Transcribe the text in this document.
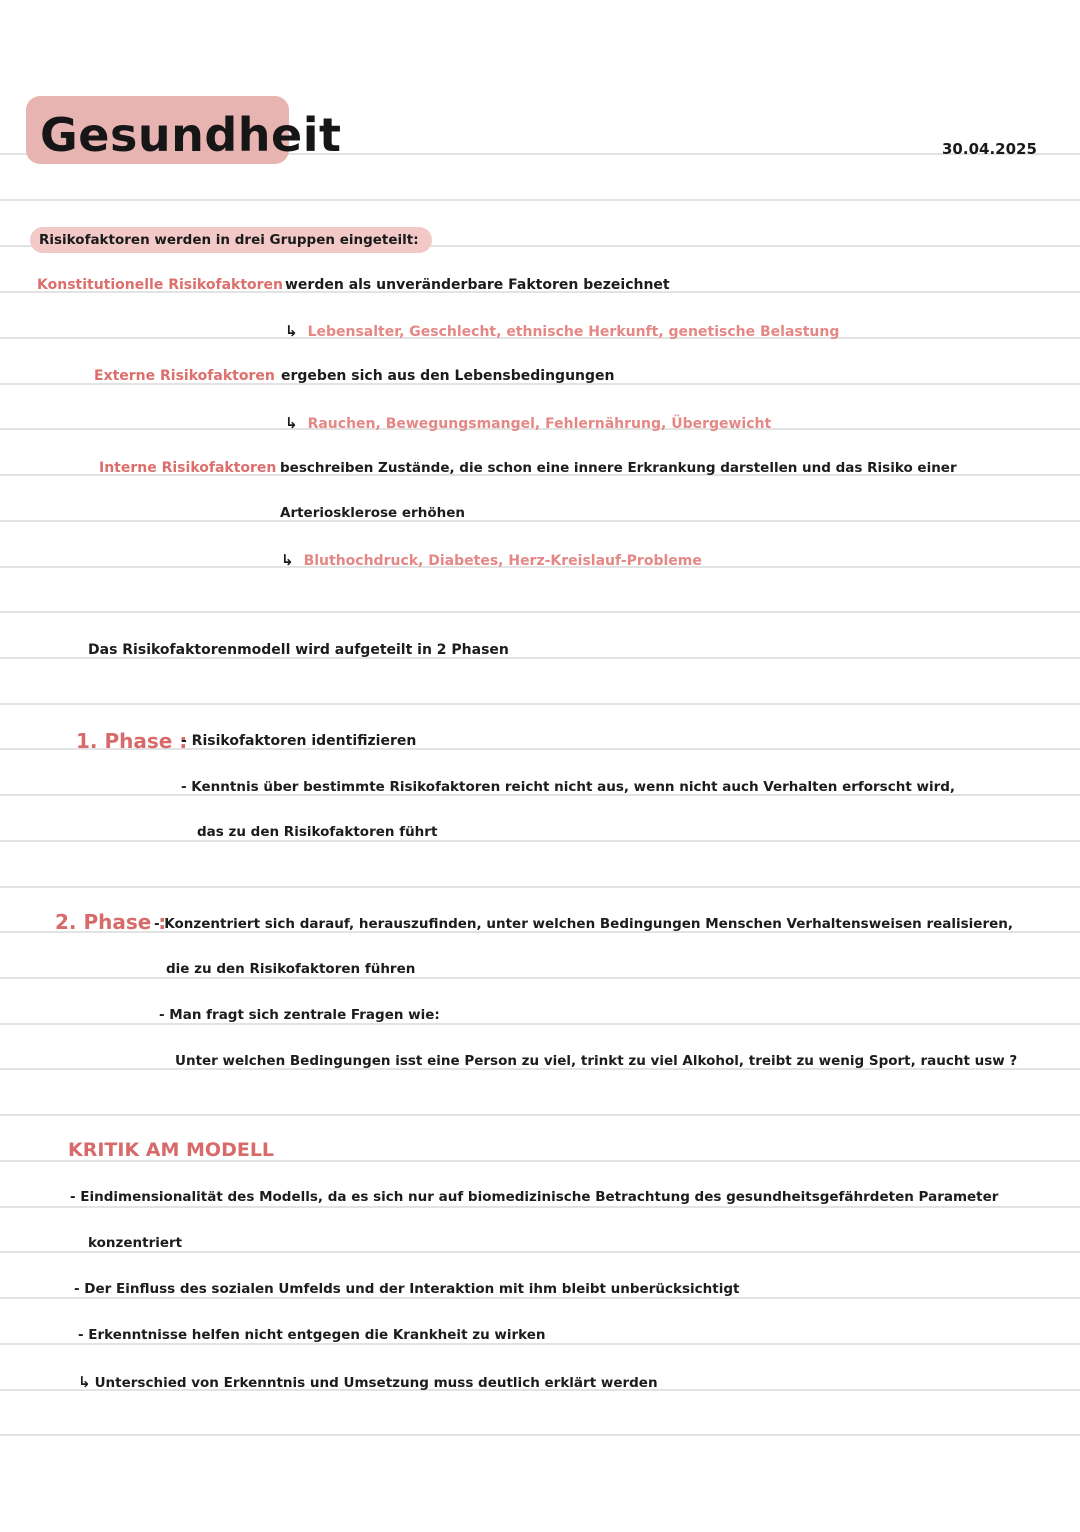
Gesundheit	30.04.2025
Risikofaktoren werden in drei Gruppen eingeteilt:
Konstitutionelle Risikofaktoren werden als unveränderbare Faktoren bezeichnet
↳ Lebensalter, Geschlecht, ethnische Herkunft, genetische Belastung
Externe Risikofaktoren ergeben sich aus den Lebensbedingungen
↳ Rauchen, Bewegungsmangel, Fehlernährung, Übergewicht
Interne Risikofaktoren beschreiben Zustände, die schon eine innere Erkrankung darstellen und das Risiko einer
Arteriosklerose erhöhen
↳ Bluthochdruck, Diabetes, Herz-Kreislauf-Probleme
Das Risikofaktorenmodell wird aufgeteilt in 2 Phasen
1. Phase :
- Risikofaktoren identifizieren
- Kenntnis über bestimmte Risikofaktoren reicht nicht aus, wenn nicht auch Verhalten erforscht wird,
das zu den Risikofaktoren führt
2. Phase :
- Konzentriert sich darauf, herauszufinden, unter welchen Bedingungen Menschen Verhaltensweisen realisieren,
die zu den Risikofaktoren führen
- Man fragt sich zentrale Fragen wie:
Unter welchen Bedingungen isst eine Person zu viel, trinkt zu viel Alkohol, treibt zu wenig Sport, raucht usw ?
KRITIK AM MODELL
- Eindimensionalität des Modells, da es sich nur auf biomedizinische Betrachtung des gesundheitsgefährdeten Parameter
konzentriert
- Der Einfluss des sozialen Umfelds und der Interaktion mit ihm bleibt unberücksichtigt
- Erkenntnisse helfen nicht entgegen die Krankheit zu wirken
↳ Unterschied von Erkenntnis und Umsetzung muss deutlich erklärt werden
